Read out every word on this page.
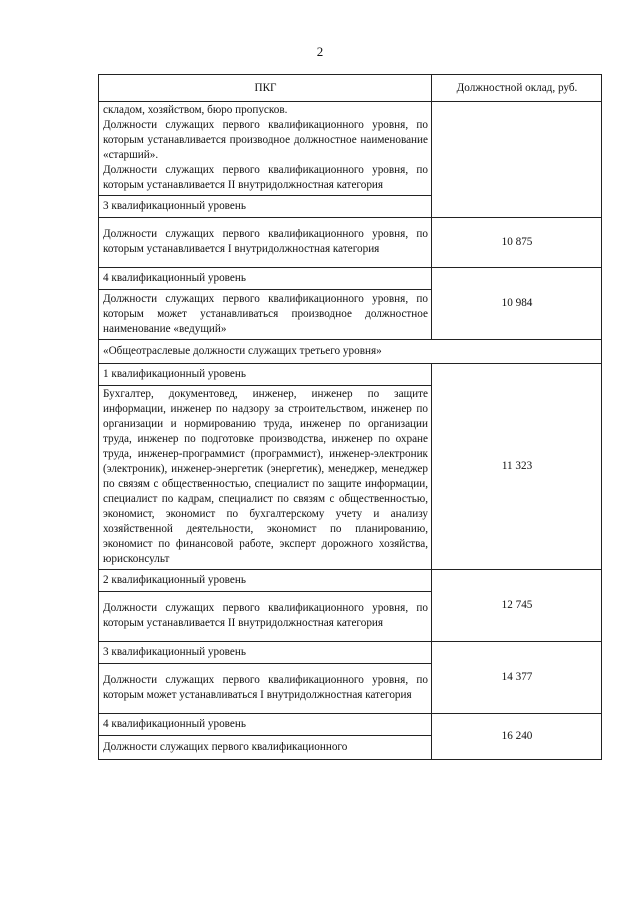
2
ПКГ	Должностной оклад, руб.

складом, хозяйством, бюро пропусков.
Должности служащих первого квалификационного уровня, по которым устанавливается производное должностное наименование «старший».
Должности служащих первого квалификационного уровня, по которым устанавливается II внутридолжностная категория	

3 квалификационный уровень	
Должности служащих первого квалификационного уровня, по которым устанавливается I внутридолжностная категория	10 875
4 квалификационный уровень	10 984
Должности служащих первого квалификационного уровня, по которым может устанавливаться производное должностное наименование «ведущий»	
«Общеотраслевые должности служащих третьего уровня»	
1 квалификационный уровень	11 323
Бухгалтер, документовед, инженер, инженер по защите информации, инженер по надзору за строительством, инженер по организации и нормированию труда, инженер по организации труда, инженер по подготовке производства, инженер по охране труда, инженер-программист (программист), инженер-электроник (электроник), инженер-энергетик (энергетик), менеджер, менеджер по связям с общественностью, специалист по защите информации, специалист по кадрам, специалист по связям с общественностью, экономист, экономист по бухгалтерскому учету и анализу хозяйственной деятельности, экономист по планированию, экономист по финансовой работе, эксперт дорожного хозяйства, юрисконсульт	
2 квалификационный уровень	12 745
Должности служащих первого квалификационного уровня, по которым устанавливается II внутридолжностная категория	
3 квалификационный уровень	14 377
Должности служащих первого квалификационного уровня, по которым может устанавливаться I внутридолжностная категория	
4 квалификационный уровень	16 240
Должности служащих первого квалификационного	
